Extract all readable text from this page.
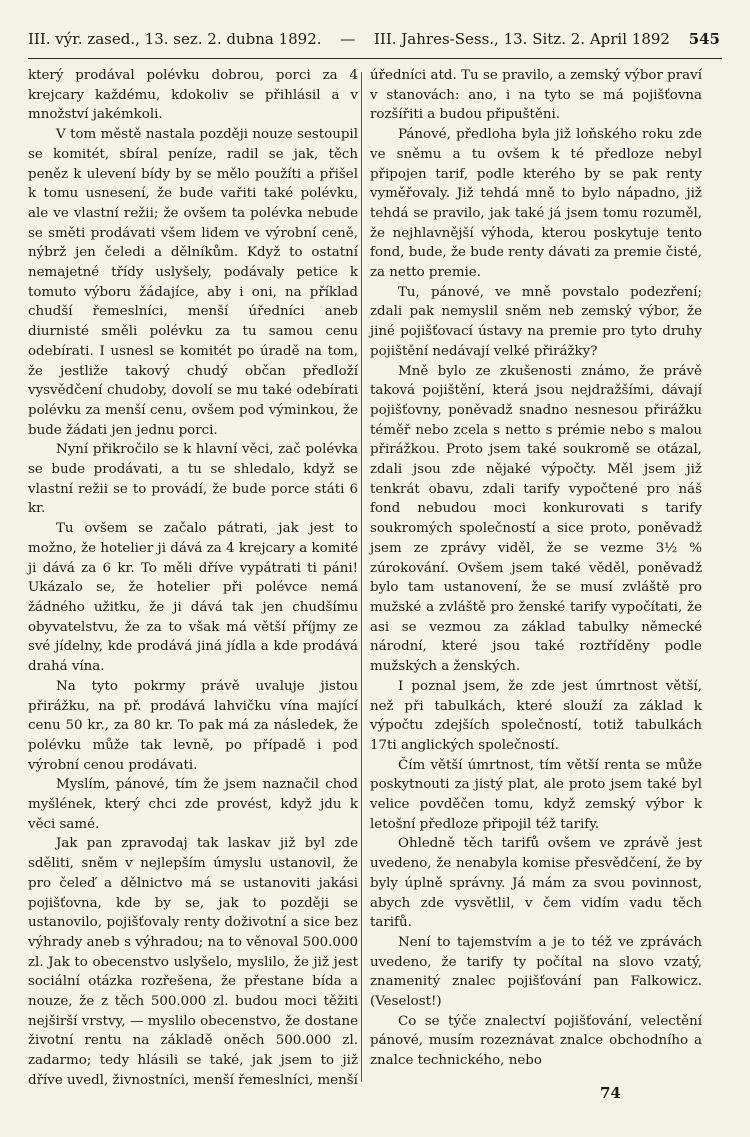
III. výr. zased., 13. sez. 2. dubna 1892. — III. Jahres-Sess., 13. Sitz. 2. April 1892 545

který prodával polévku dobrou, porci za 4 krejcary každému, kdokoliv se přihlásil a v množství jakémkoli.

V tom městě nastala později nouze sestoupil se komitét, sbíral peníze, radil se jak, těch peněz k ulevení bídy by se mělo použíti a přišel k tomu usnesení, že bude vařiti také polévku, ale ve vlastní režii; že ovšem ta polévka nebude se směti prodávati všem lidem ve výrobní ceně, nýbrž jen čeledi a dělníkům. Když to ostatní nemajetné třídy uslyšely, podávaly petice k tomuto výboru žádajíce, aby i oni, na příklad chudší řemeslníci, menší úředníci aneb diurnisté směli polévku za tu samou cenu odebírati. I usnesl se komitét po úradě na tom, že jestliže takový chudý občan předloží vysvědčení chudoby, dovolí se mu také odebírati polévku za menší cenu, ovšem pod výminkou, že bude žádati jen jednu porci.

Nyní přikročilo se k hlavní věci, zač polévka se bude prodávati, a tu se shledalo, když se vlastní režii se to provádí, že bude porce státi 6 kr.

Tu ovšem se začalo pátrati, jak jest to možno, že hotelier ji dává za 4 krejcary a komité ji dává za 6 kr. To měli dříve vypátrati ti páni! Ukázalo se, že hotelier při polévce nemá žádného užitku, že ji dává tak jen chudšímu obyvatelstvu, že za to však má větší příjmy ze své jídelny, kde prodává jiná jídla a kde prodává drahá vína.

Na tyto pokrmy právě uvaluje jistou přirážku, na př. prodává lahvičku vína mající cenu 50 kr., za 80 kr. To pak má za následek, že polévku může tak levně, po případě i pod výrobní cenou prodávati.

Myslím, pánové, tím že jsem naznačil chod myšlének, který chci zde provést, když jdu k věci samé.

Jak pan zpravodaj tak laskav již byl zde sděliti, sněm v nejlepším úmyslu ustanovil, že pro čeleď a dělnictvo má se ustanoviti jakási pojišťovna, kde by se, jak to později se ustanovilo, pojišťovaly renty doživotní a sice bez výhrady aneb s výhradou; na to věnoval 500.000 zl. Jak to obecenstvo uslyšelo, myslilo, že již jest sociální otázka rozřešena, že přestane bída a nouze, že z těch 500.000 zl. budou moci těžiti nejširší vrstvy, — myslilo obecenstvo, že dostane životní rentu na základě oněch 500.000 zl. zadarmo; tedy hlásili se také, jak jsem to již dříve uvedl, živnostníci, menší řemeslníci, menší

úředníci atd. Tu se pravilo, a zemský výbor praví v stanovách: ano, i na tyto se má pojišťovna rozšířiti a budou připuštěni.

Pánové, předloha byla již loňského roku zde ve sněmu a tu ovšem k té předloze nebyl připojen tarif, podle kterého by se pak renty vyměřovaly. Již tehdá mně to bylo nápadno, již tehdá se pravilo, jak také já jsem tomu rozuměl, že nejhlavnější výhoda, kterou poskytuje tento fond, bude, že bude renty dávati za premie čisté, za netto premie.

Tu, pánové, ve mně povstalo podezření; zdali pak nemyslil sněm neb zemský výbor, že jiné pojišťovací ústavy na premie pro tyto druhy pojištění nedávají velké přirážky?

Mně bylo ze zkušenosti známo, že právě taková pojištění, která jsou nejdražšími, dávají pojišťovny, poněvadž snadno nesnesou přirážku téměř nebo zcela s netto s prémie nebo s malou přirážkou. Proto jsem také soukromě se otázal, zdali jsou zde nějaké výpočty. Měl jsem již tenkrát obavu, zdali tarify vypočtené pro náš fond nebudou moci konkurovati s tarify soukromých společností a sice proto, poněvadž jsem ze zprávy viděl, že se vezme 3½ % zúrokování. Ovšem jsem také věděl, poněvadž bylo tam ustanovení, že se musí zvláště pro mužské a zvláště pro ženské tarify vypočítati, že asi se vezmou za základ tabulky německé národní, které jsou také roztříděny podle mužských a ženských.

I poznal jsem, že zde jest úmrtnost větší, než při tabulkách, které slouží za základ k výpočtu zdejších společností, totiž tabulkách 17ti anglických společností.

Čím větší úmrtnost, tím větší renta se může poskytnouti za jistý plat, ale proto jsem také byl velice povděčen tomu, když zemský výbor k letošní předloze připojil též tarify.

Ohledně těch tarifů ovšem ve zprávě jest uvedeno, že nenabyla komise přesvědčení, že by byly úplně správny. Já mám za svou povinnost, abych zde vysvětlil, v čem vidím vadu těch tarifů.

Není to tajemstvím a je to též ve zprávách uvedeno, že tarify ty počítal na slovo vzatý, znamenitý znalec pojišťování pan Falkowicz. (Veselost!)

Co se týče znalectví pojišťování, velectění pánové, musím rozeznávat znalce obchodního a znalce technického, nebo

74
